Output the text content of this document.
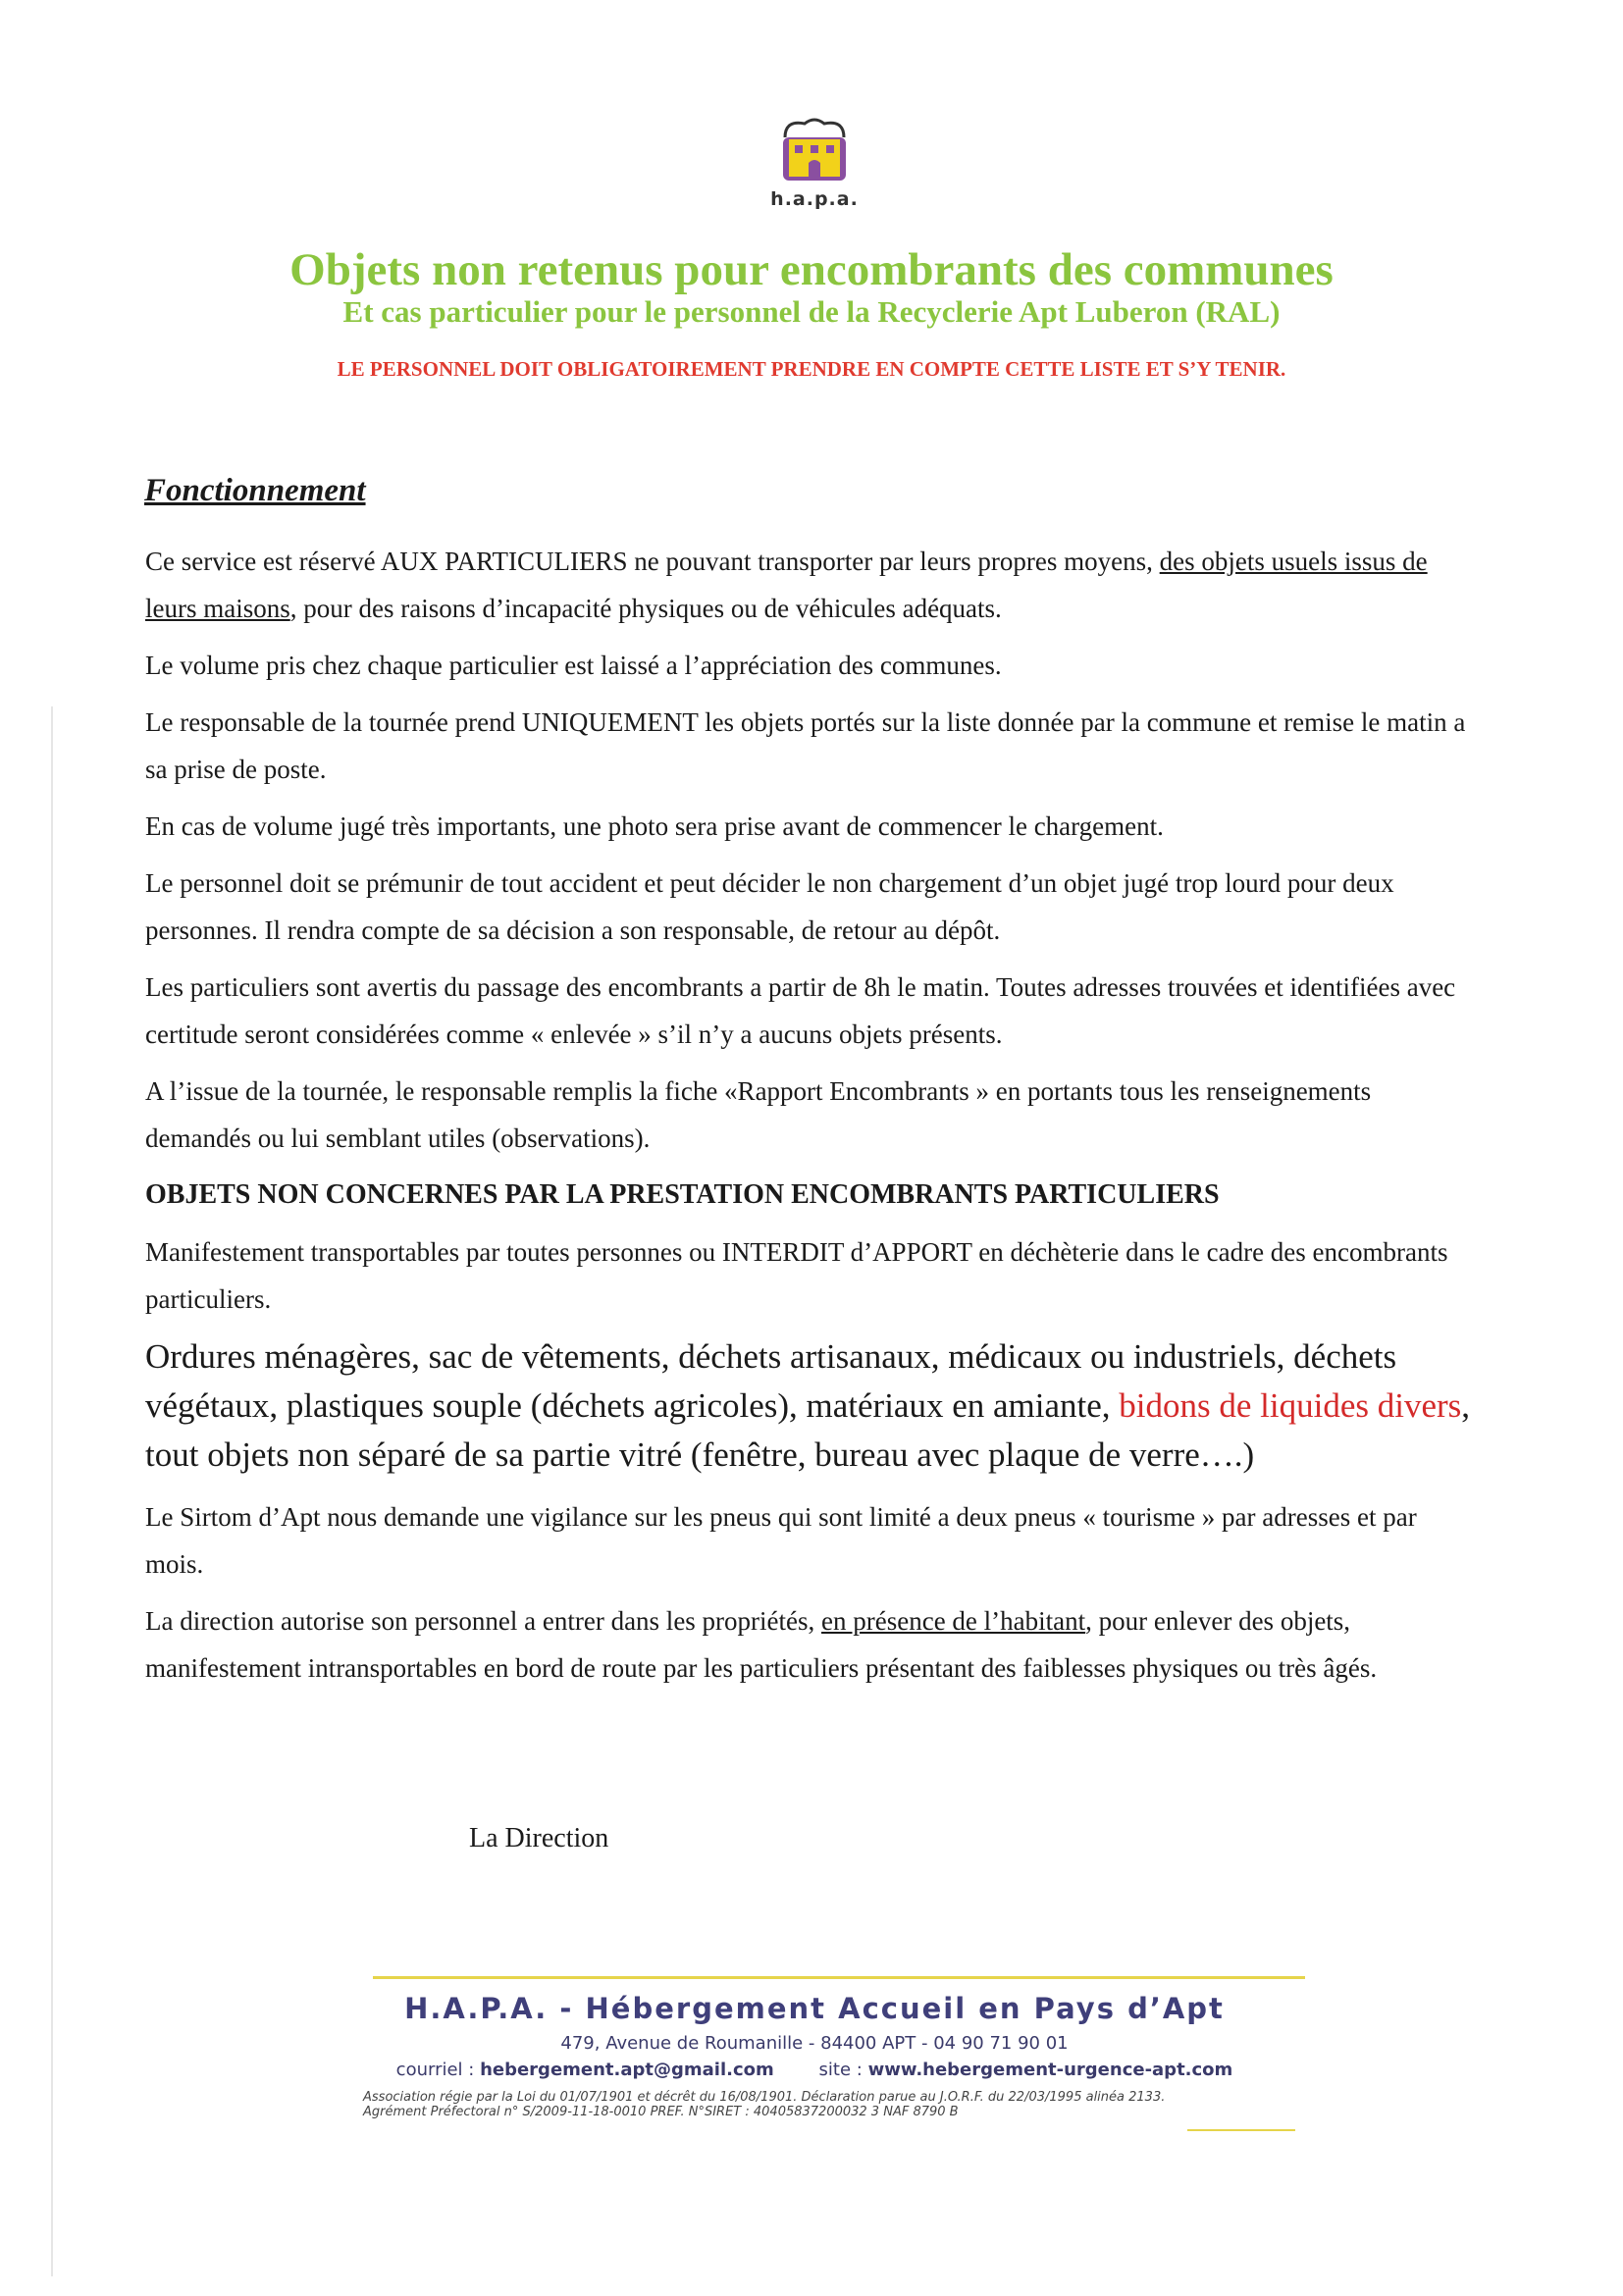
h.a.p.a.
Objets non retenus pour encombrants des communes
Et cas particulier pour le personnel de la Recyclerie Apt Luberon (RAL)
LE PERSONNEL DOIT OBLIGATOIREMENT PRENDRE EN COMPTE CETTE LISTE ET S’Y TENIR.
Fonctionnement

Ce service est réservé AUX PARTICULIERS ne pouvant transporter par leurs propres moyens, des objets usuels issus de leurs maisons, pour des raisons d’incapacité physiques ou de véhicules adéquats.

Le volume pris chez chaque particulier est laissé a l’appréciation des communes.

Le responsable de la tournée prend UNIQUEMENT les objets portés sur la liste donnée par la commune et remise le matin a sa prise de poste.

En cas de volume jugé très importants, une photo sera prise avant de commencer le chargement.

Le personnel doit se prémunir de tout accident et peut décider le non chargement d’un objet jugé trop lourd pour deux personnes. Il rendra compte de sa décision a son responsable, de retour au dépôt.

Les particuliers sont avertis du passage des encombrants a partir de 8h le matin. Toutes adresses trouvées et identifiées avec certitude seront considérées comme « enlevée » s’il n’y a aucuns objets présents.

A l’issue de la tournée, le responsable remplis la fiche «Rapport Encombrants » en portants tous les renseignements demandés ou lui semblant utiles (observations).

OBJETS NON CONCERNES PAR LA PRESTATION ENCOMBRANTS PARTICULIERS

Manifestement transportables par toutes personnes ou INTERDIT d’APPORT en déchèterie dans le cadre des encombrants particuliers.

Ordures ménagères, sac de vêtements, déchets artisanaux, médicaux ou industriels, déchets végétaux, plastiques souple (déchets agricoles), matériaux en amiante, bidons de liquides divers, tout objets non séparé de sa partie vitré (fenêtre, bureau avec plaque de verre….)

Le Sirtom d’Apt nous demande une vigilance sur les pneus qui sont limité a deux pneus « tourisme » par adresses et par mois.

La direction autorise son personnel a entrer dans les propriétés, en présence de l’habitant, pour enlever des objets, manifestement intransportables en bord de route par les particuliers présentant des faiblesses physiques ou très âgés.

La Direction
H.A.P.A. - Hébergement Accueil en Pays d’Apt
479, Avenue de Roumanille - 84400 APT - 04 90 71 90 01
courriel : hebergement.apt@gmail.com	site : www.hebergement-urgence-apt.com
Association régie par la Loi du 01/07/1901 et décrêt du 16/08/1901. Déclaration parue au J.O.R.F. du 22/03/1995 alinéa 2133.
Agrément Préfectoral n° S/2009-11-18-0010 PREF. N°SIRET : 40405837200032 3 NAF 8790 B
